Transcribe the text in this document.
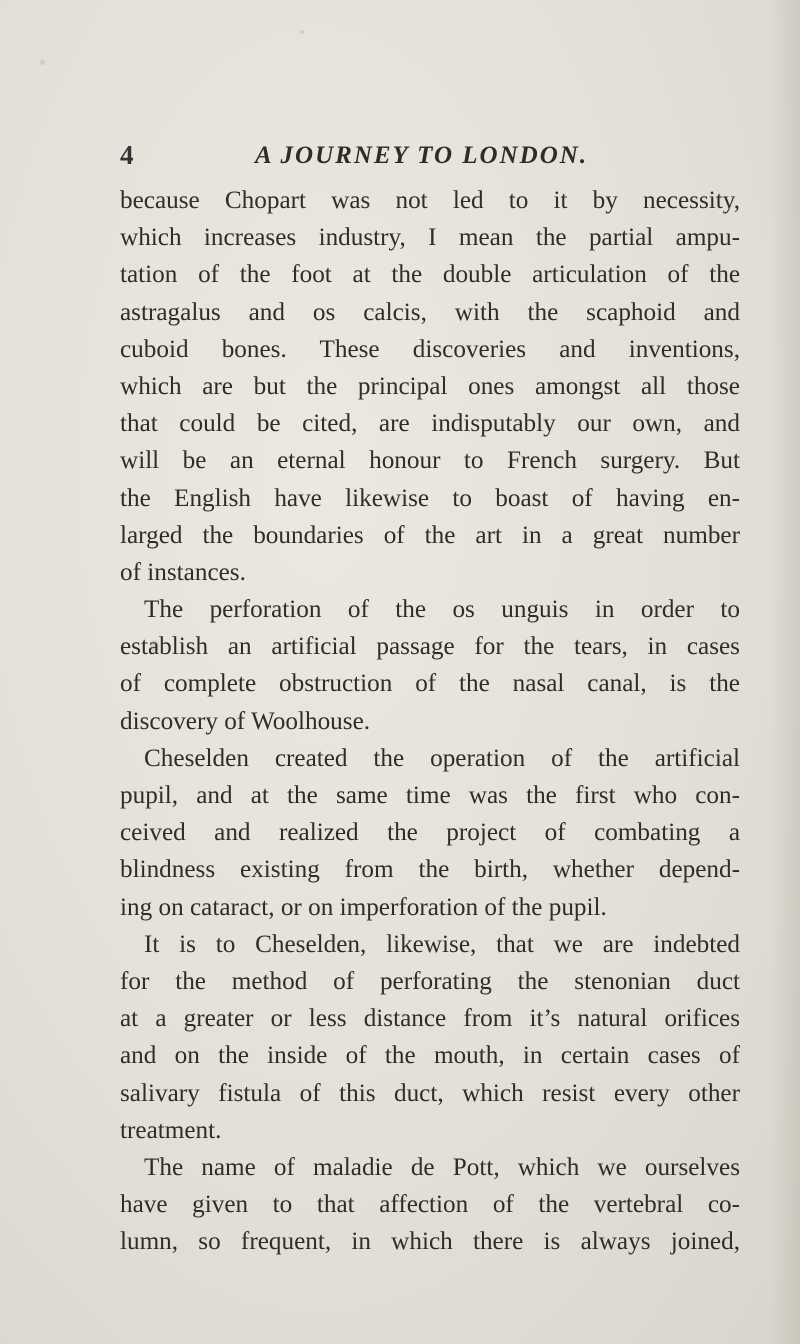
4	A JOURNEY TO LONDON.
because Chopart was not led to it by necessity,
which increases industry, I mean the partial ampu-
tation of the foot at the double articulation of the
astragalus and os calcis, with the scaphoid and
cuboid bones. These discoveries and inventions,
which are but the principal ones amongst all those
that could be cited, are indisputably our own, and
will be an eternal honour to French surgery. But
the English have likewise to boast of having en-
larged the boundaries of the art in a great number
of instances.
The perforation of the os unguis in order to
establish an artificial passage for the tears, in cases
of complete obstruction of the nasal canal, is the
discovery of Woolhouse.
Cheselden created the operation of the artificial
pupil, and at the same time was the first who con-
ceived and realized the project of combating a
blindness existing from the birth, whether depend-
ing on cataract, or on imperforation of the pupil.
It is to Cheselden, likewise, that we are indebted
for the method of perforating the stenonian duct
at a greater or less distance from it’s natural orifices
and on the inside of the mouth, in certain cases of
salivary fistula of this duct, which resist every other
treatment.
The name of maladie de Pott, which we ourselves
have given to that affection of the vertebral co-
lumn, so frequent, in which there is always joined,
